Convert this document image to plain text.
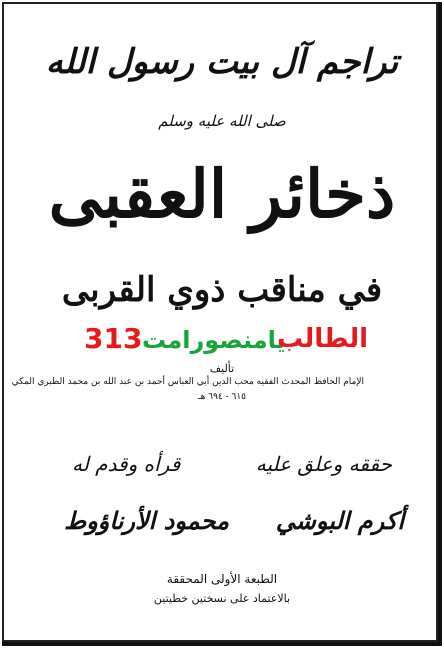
تراجم آل بيت رسول الله
صلى الله عليه وسلم
ذخائر العقبى
في مناقب ذوي القربى
313 يامنصورامت
الطالب
تأليف
الإمام الحافظ المحدث الفقيه محب الدين أبي العباس أحمد بن عبد الله بن محمد الطبري المكي
٦١٥ - ٦٩٤ هـ
حققه وعلق عليه
قرأه وقدم له
أكرم البوشي
محمود الأرناؤوط
الطبعة الأولى المحققة
بالاعتماد على نسختين خطيتين
